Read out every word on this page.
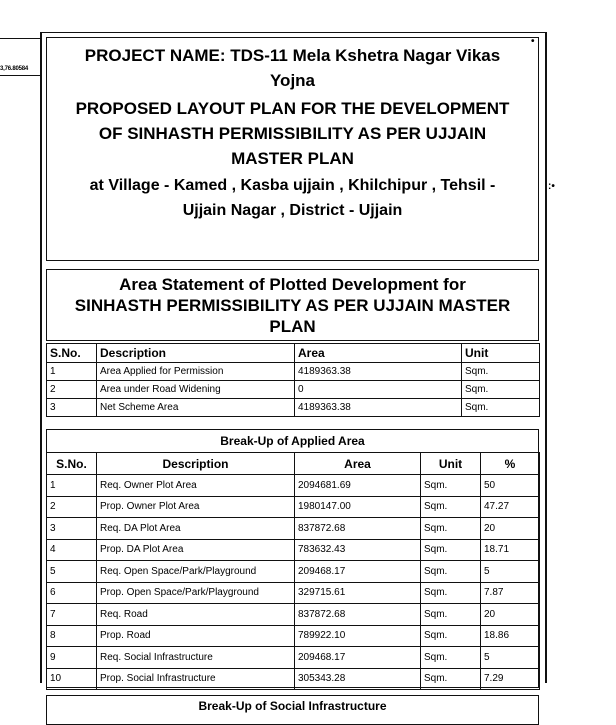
3,76.80584
•
:•
PROJECT NAME: TDS-11 Mela Kshetra Nagar Vikas
Yojna
PROPOSED LAYOUT PLAN FOR THE DEVELOPMENT
OF SINHASTH PERMISSIBILITY AS PER UJJAIN
MASTER PLAN
at Village - Kamed , Kasba ujjain , Khilchipur , Tehsil -
Ujjain Nagar , District - Ujjain
Area Statement of Plotted Development for
SINHASTH PERMISSIBILITY AS PER UJJAIN MASTER
PLAN
S.No.	Description	Area	Unit
1	Area Applied for Permission	4189363.38	Sqm.
2	Area under Road Widening	0	Sqm.
3	Net Scheme Area	4189363.38	Sqm.
Break-Up of Applied Area
S.No.	Description	Area	Unit	%
1	Req. Owner Plot Area	2094681.69	Sqm.	50
2	Prop. Owner Plot Area	1980147.00	Sqm.	47.27
3	Req. DA Plot Area	837872.68	Sqm.	20
4	Prop. DA Plot Area	783632.43	Sqm.	18.71
5	Req. Open Space/Park/Playground	209468.17	Sqm.	5
6	Prop. Open Space/Park/Playground	329715.61	Sqm.	7.87
7	Req. Road	837872.68	Sqm.	20
8	Prop. Road	789922.10	Sqm.	18.86
9	Req. Social Infrastructure	209468.17	Sqm.	5
10	Prop. Social Infrastructure	305343.28	Sqm.	7.29
Break-Up of Social Infrastructure
